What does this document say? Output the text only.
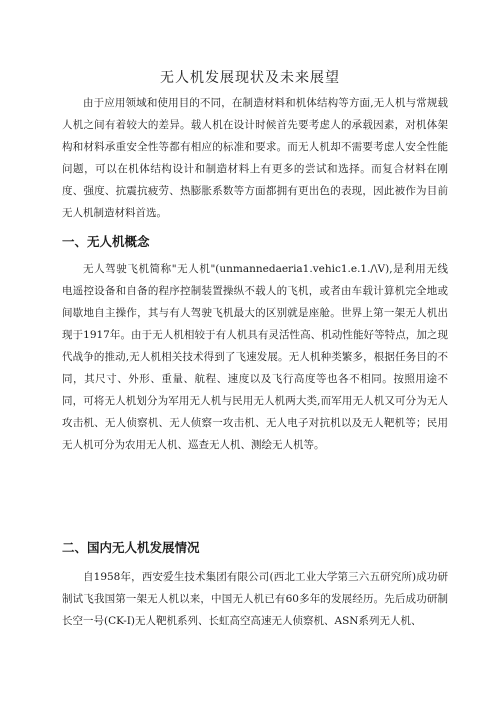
无人机发展现状及未来展望

由于应用领域和使用目的不同，在制造材料和机体结构等方面,无人机与常规载人机之间有着较大的差异。载人机在设计时候首先要考虑人的承载因素，对机体架构和材料承重安全性等都有相应的标准和要求。而无人机却不需要考虑人安全性能问题，可以在机体结构设计和制造材料上有更多的尝试和选择。而复合材料在刚度、强度、抗震抗疲劳、热膨胀系数等方面都拥有更出色的表现，因此被作为目前无人机制造材料首选。

一、无人机概念

无人驾驶飞机简称"无人机"(unmannedaeria1.vehic1.e.1./\V),是利用无线电遥控设备和自备的程序控制装置操纵不载人的飞机，或者由车载计算机完全地或间歇地自主操作，其与有人驾驶飞机最大的区别就是座舱。世界上第一架无人机出现于1917年。由于无人机相较于有人机具有灵活性高、机动性能好等特点，加之现代战争的推动,无人机相关技术得到了飞速发展。无人机种类繁多，根据任务目的不同，其尺寸、外形、重量、航程、速度以及飞行高度等也各不相同。按照用途不同，可将无人机划分为军用无人机与民用无人机两大类,而军用无人机又可分为无人攻击机、无人侦察机、无人侦察一攻击机、无人电子对抗机以及无人靶机等；民用无人机可分为农用无人机、巡查无人机、测绘无人机等。

二、国内无人机发展情况

自1958年，西安爱生技术集团有限公司(西北工业大学第三六五研究所)成功研制试飞我国第一架无人机以来，中国无人机已有60多年的发展经历。先后成功研制长空一号(CK-I)无人靶机系列、长虹高空高速无人侦察机、ASN系列无人机、
